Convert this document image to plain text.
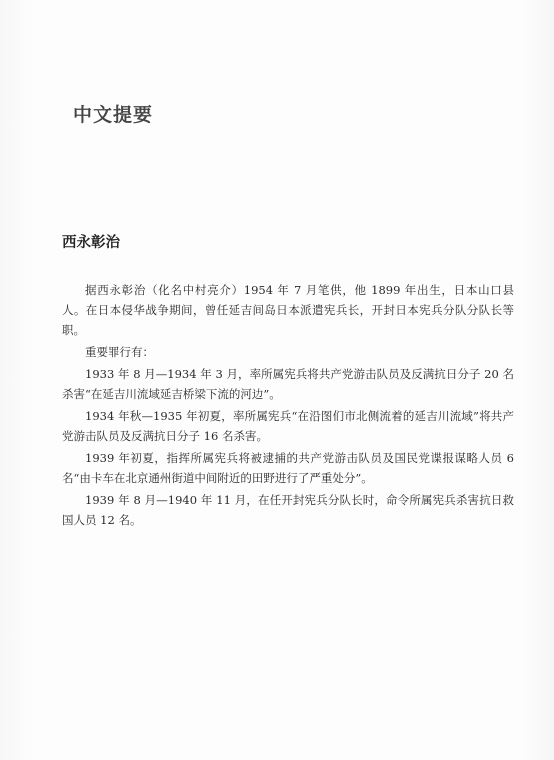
中文提要
西永彰治

据西永彰治（化名中村亮介）1954 年 7 月笔供，他 1899 年出生，日本山口县人。在日本侵华战争期间，曾任延吉间岛日本派遣宪兵长，开封日本宪兵分队分队长等职。

重要罪行有：

1933 年 8 月—1934 年 3 月，率所属宪兵将共产党游击队员及反满抗日分子 20 名杀害“在延吉川流域延吉桥梁下流的河边”。

1934 年秋—1935 年初夏，率所属宪兵“在沿图们市北侧流着的延吉川流域”将共产党游击队员及反满抗日分子 16 名杀害。

1939 年初夏，指挥所属宪兵将被逮捕的共产党游击队员及国民党谍报谋略人员 6 名“由卡车在北京通州街道中间附近的田野进行了严重处分”。

1939 年 8 月—1940 年 11 月，在任开封宪兵分队长时，命令所属宪兵杀害抗日救国人员 12 名。
